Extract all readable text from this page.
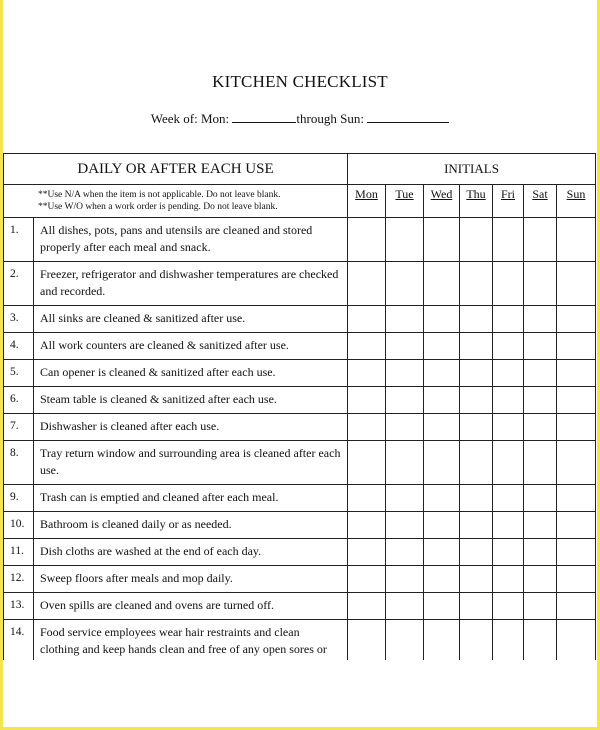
KITCHEN CHECKLIST
Week of: Mon:	through Sun:
DAILY OR AFTER EACH USE		INITIALS						

**Use N/A when the item is not applicable. Do not leave blank.
**Use W/O when a work order is pending. Do not leave blank.		Mon	Tue	Wed	Thu	Fri	Sat	Sun
1.	All dishes, pots, pans and utensils are cleaned and stored properly after each meal and snack.							
2.	Freezer, refrigerator and dishwasher temperatures are checked and recorded.							
3.	All sinks are cleaned & sanitized after use.							
4.	All work counters are cleaned & sanitized after use.							
5.	Can opener is cleaned & sanitized after each use.							
6.	Steam table is cleaned & sanitized after each use.							
7.	Dishwasher is cleaned after each use.							
8.	Tray return window and surrounding area is cleaned after each use.							
9.	Trash can is emptied and cleaned after each meal.							
10.	Bathroom is cleaned daily or as needed.							
11.	Dish cloths are washed at the end of each day.							
12.	Sweep floors after meals and mop daily.							
13.	Oven spills are cleaned and ovens are turned off.							
14.	Food service employees wear hair restraints and clean clothing and keep hands clean and free of any open sores or							
